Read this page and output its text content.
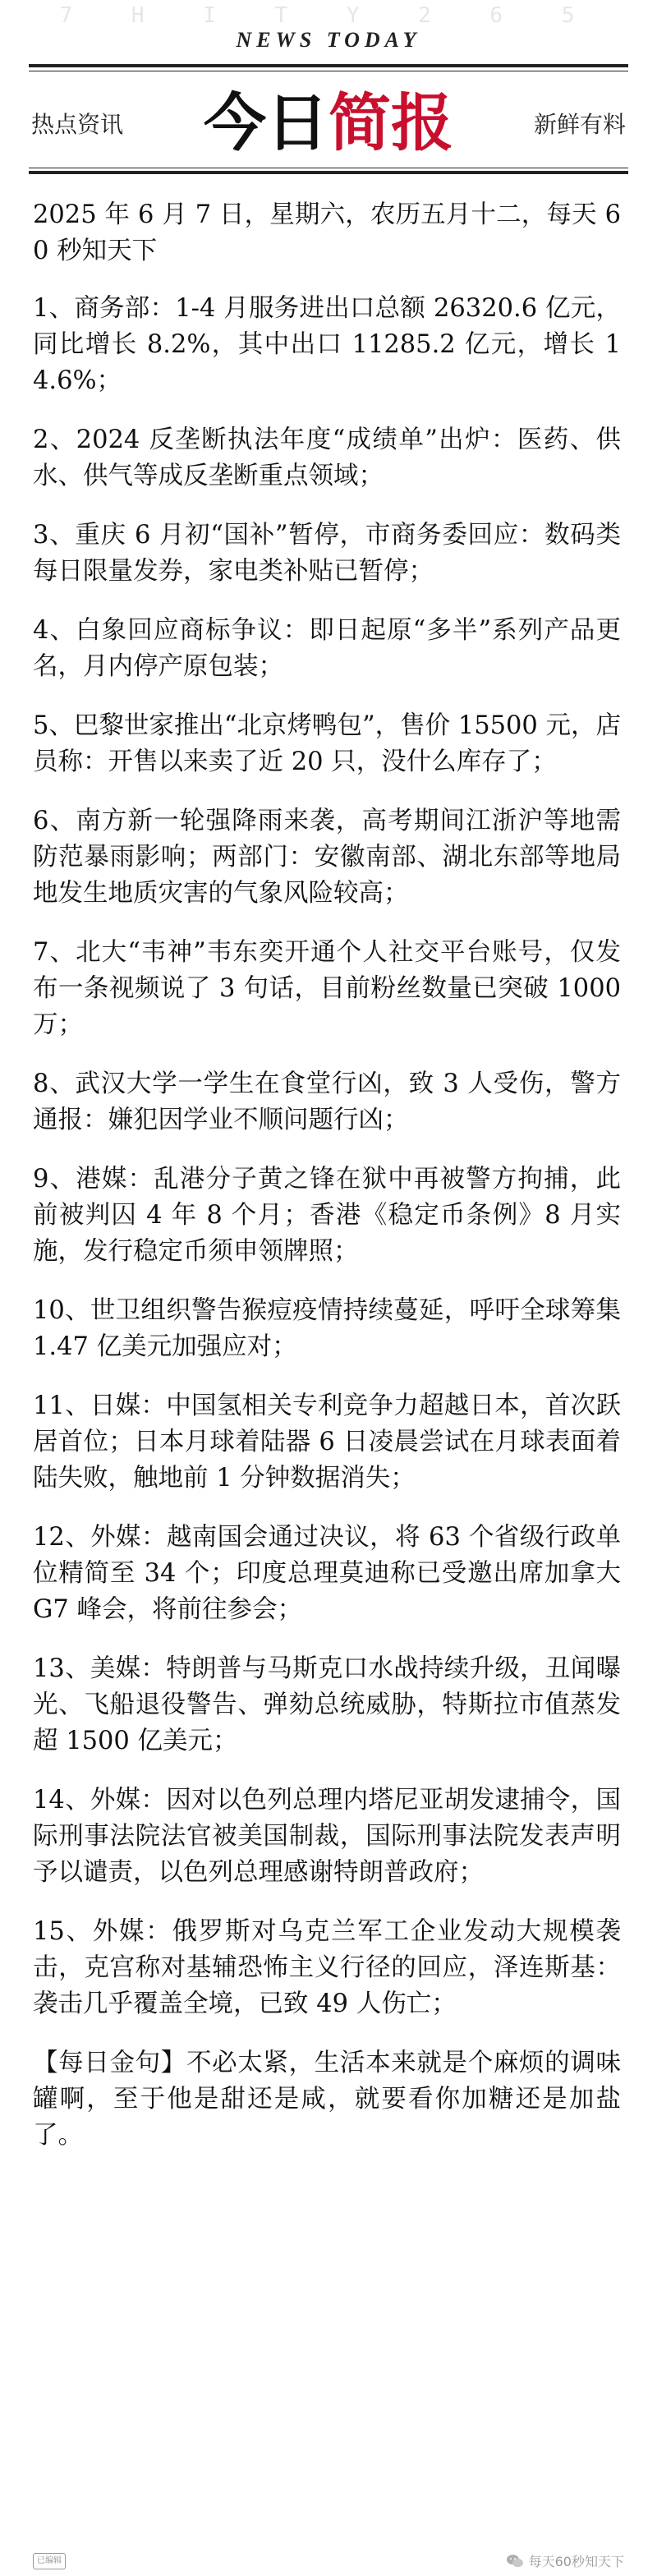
7 H I T Y 2 6 5
NEWS TODAY
热点资讯	今日简报	新鲜有料

2025 年 6 月 7 日，星期六，农历五月十二，每天 60 秒知天下

1、商务部：1-4 月服务进出口总额 26320.6 亿元，同比增长 8.2%，其中出口 11285.2 亿元，增长 14.6%；

2、2024 反垄断执法年度“成绩单”出炉：医药、供水、供气等成反垄断重点领域；

3、重庆 6 月初“国补”暂停，市商务委回应：数码类每日限量发券，家电类补贴已暂停；

4、白象回应商标争议：即日起原“多半”系列产品更名，月内停产原包装；

5、巴黎世家推出“北京烤鸭包”，售价 15500 元，店员称：开售以来卖了近 20 只，没什么库存了；

6、南方新一轮强降雨来袭，高考期间江浙沪等地需防范暴雨影响；两部门：安徽南部、湖北东部等地局地发生地质灾害的气象风险较高；

7、北大“韦神”韦东奕开通个人社交平台账号，仅发布一条视频说了 3 句话，目前粉丝数量已突破 1000 万；

8、武汉大学一学生在食堂行凶，致 3 人受伤，警方通报：嫌犯因学业不顺问题行凶；

9、港媒：乱港分子黄之锋在狱中再被警方拘捕，此前被判囚 4 年 8 个月；香港《稳定币条例》8 月实施，发行稳定币须申领牌照；

10、世卫组织警告猴痘疫情持续蔓延，呼吁全球筹集 1.47 亿美元加强应对；

11、日媒：中国氢相关专利竞争力超越日本，首次跃居首位；日本月球着陆器 6 日凌晨尝试在月球表面着陆失败，触地前 1 分钟数据消失；

12、外媒：越南国会通过决议，将 63 个省级行政单位精简至 34 个；印度总理莫迪称已受邀出席加拿大 G7 峰会，将前往参会；

13、美媒：特朗普与马斯克口水战持续升级，丑闻曝光、飞船退役警告、弹劾总统威胁，特斯拉市值蒸发超 1500 亿美元；

14、外媒：因对以色列总理内塔尼亚胡发逮捕令，国际刑事法院法官被美国制裁，国际刑事法院发表声明予以谴责，以色列总理感谢特朗普政府；

15、外媒：俄罗斯对乌克兰军工企业发动大规模袭击，克宫称对基辅恐怖主义行径的回应，泽连斯基：袭击几乎覆盖全境，已致 49 人伤亡；

【每日金句】不必太紧，生活本来就是个麻烦的调味罐啊，至于他是甜还是咸，就要看你加糖还是加盐了。

已编辑	每天60秒知天下
